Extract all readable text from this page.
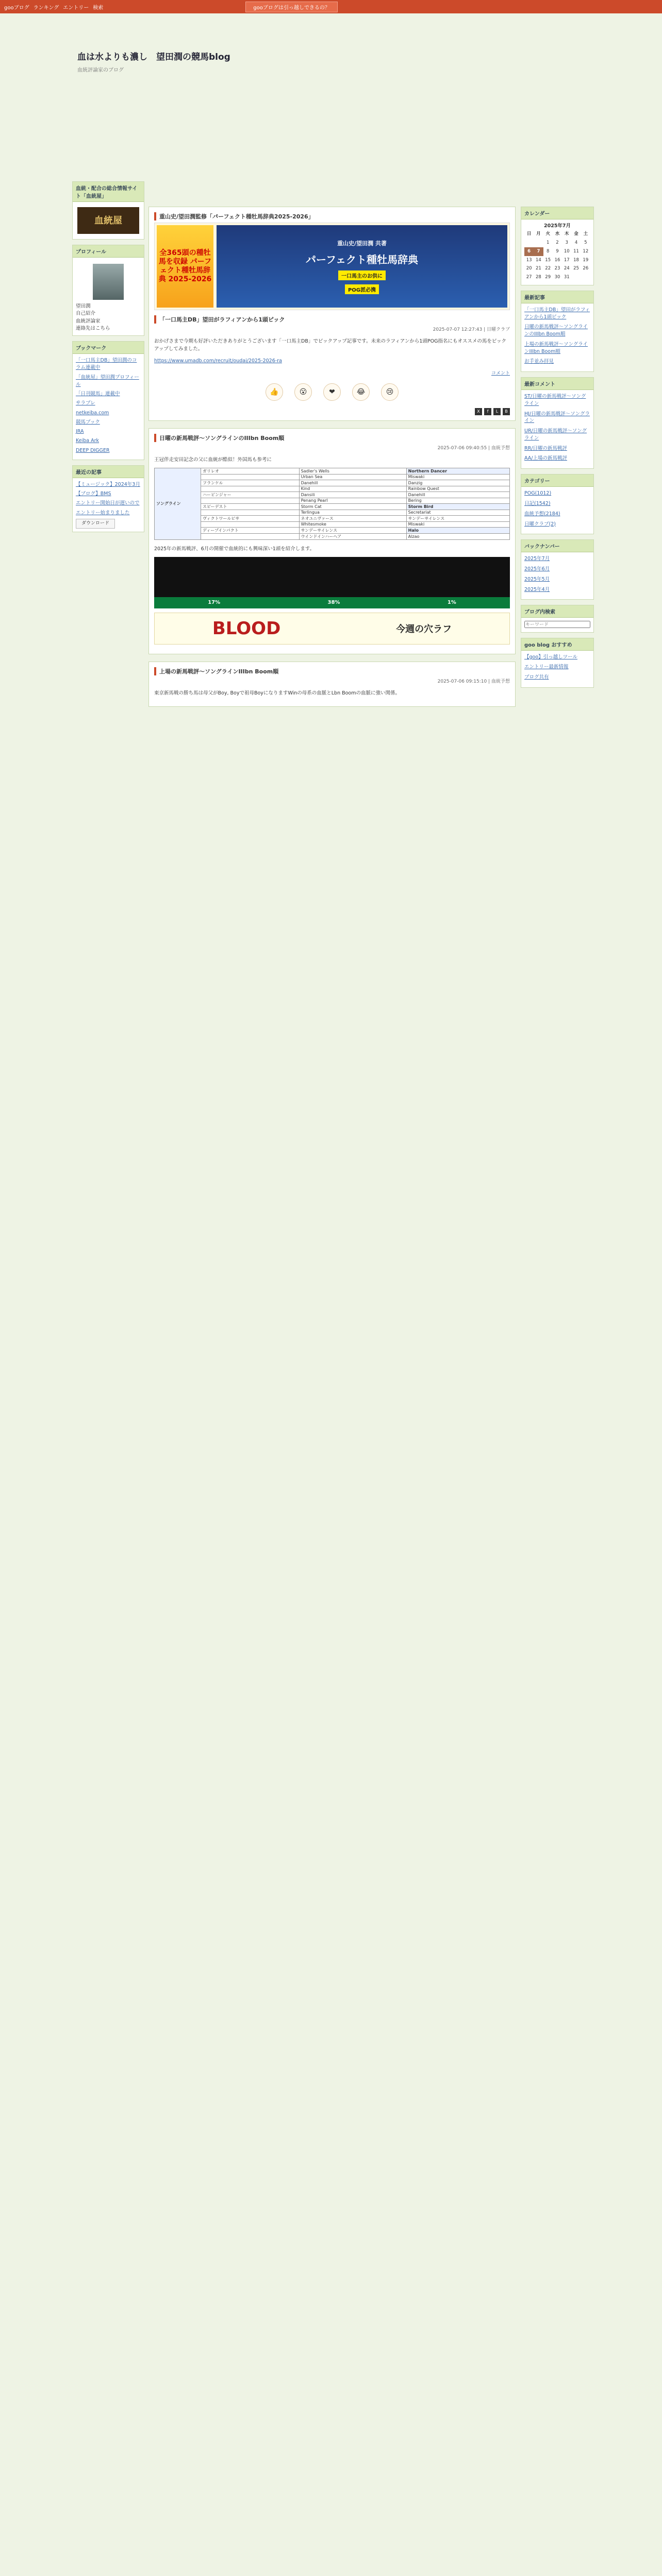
gooブログ ランキング エントリー 検索	gooブログは引っ越しできるの？
血は水よりも濃し　望田潤の競馬blog
血統評論家のブログ
血統・配合の総合情報サイト「血統屋」
血統屋
プロフィール
望田潤
自己紹介
血統評論家
連絡先はこちら
ブックマーク
「一口馬主DB」望田潤のコラム連載中
「血統屋」望田潤プロフィール
「日刊競馬」連載中
サラブレ
netkeiba.com
競馬ブック
JRA
Keiba Ark
DEEP DIGGER
最近の記事
【ミュージック】2024年3月
【ブログ】BMS
エントリー開始日が遅いので
エントリー始まりました
ダウンロード
重山史/望田潤監修「パーフェクト種牡馬辞典2025-2026」
全365頭の種牡馬を収録 パーフェクト種牡馬辞典 2025-2026
重山史/望田潤 共著
パーフェクト種牡馬辞典
一口馬主のお供に
POG派必携
「一口馬主DB」望田がラフィアンから1頭ピック
2025-07-07 12:27:43 | 日曜クラブ

おかげさまで今期も好評いただきありがとうございます「一口馬主DB」でピックアップ記事です。未来のラフィアンから1頭POG指名にもオススメの馬をピックアップしてみました。

https://www.umadb.com/recruit/oudai/2025-2026-ra

コメント
👍	😮	❤	😂	😢
X	f	L	B
日曜の新馬戦評〜ソングラインのIIIbn Boom順
2025-07-06 09:40:55 | 血統予想

王冠伴走安田記念の父に血統が酷似！外国馬も参考に

ソングライン	ガリレオ	Sadler's Wells	Northern Dancer
		Urban Sea	Miswaki
	フランケル	Danehill	Danzig
		Kind	Rainbow Quest
	ハービンジャー	Dansili	Danehill
		Penang Pearl	Bering
	スピーデスト	Storm Cat	Storm Bird
		Terlingua	Secretariat
	ヴィクトワールピサ	ネオユニヴァース	サンデーサイレンス
		Whitesmoke	Miswaki
	ディープインパクト	サンデーサイレンス	Halo
		ウインドインハーヘア	Alzao

2025年の新馬戦評、6月の開催で血統的にも興味深い1頭を紹介します。

17%	38%	1%
BLOOD	今週の穴ラフ
上場の新馬戦評〜ソングラインIIIbn Boom順
2025-07-06 09:15:10 | 血統予想

東京新馬戦の勝ち馬は母父がBoy, Boyで祖母BoyになりますWinの母系の血脈とLbn Boomの血脈に強い関係。

カレンダー
2025年7月
日	月	火	水	木	金	土
		1	2	3	4	5
6	7	8	9	10	11	12
13	14	15	16	17	18	19
20	21	22	23	24	25	26
27	28	29	30	31		
最新記事
「一口馬主DB」望田がラフィアンから1頭ピック
日曜の新馬戦評〜ソングラインのIIIbn Boom順
上場の新馬戦評〜ソングラインIIIbn Boom順
お手並み拝見
最新コメント
ST/日曜の新馬戦評〜ソングライン
HJ/日曜の新馬戦評〜ソングライン
UR/日曜の新馬戦評〜ソングライン
RR/日曜の新馬戦評
AA/上場の新馬戦評
カテゴリー
POG(1012)
日記(1542)
血統予想(2184)
日曜クラブ(2)
バックナンバー
2025年7月
2025年6月
2025年5月
2025年4月
ブログ内検索
キーワード
goo blog おすすめ
【goo】引っ越しツール
エントリー最新情報
ブログ共有
